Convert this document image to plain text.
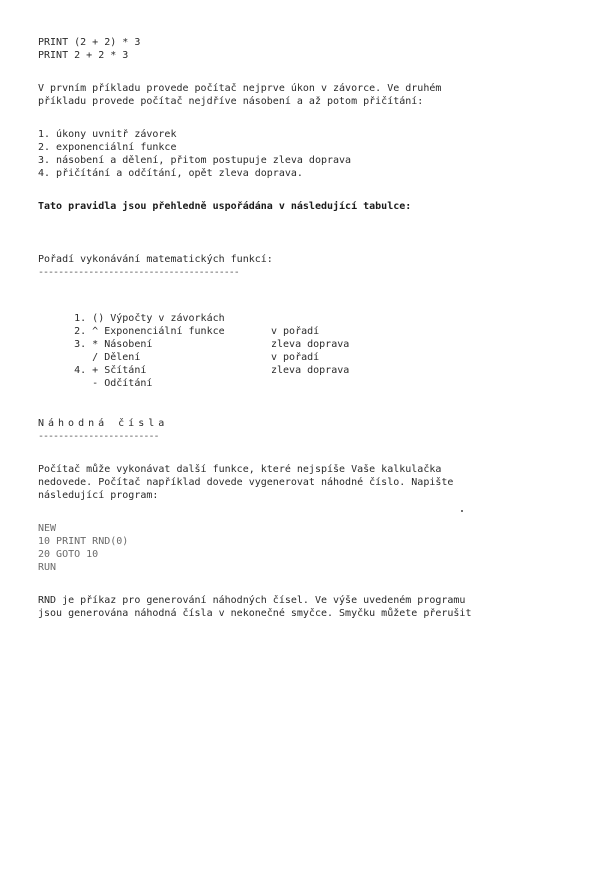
PRINT (2 + 2) * 3
PRINT 2 + 2 * 3
V prvním příkladu provede počítač nejprve úkon v závorce. Ve druhém
příkladu provede počítač nejdříve násobení a až potom přičítání:
1. úkony uvnitř závorek
2. exponenciální funkce
3. násobení a dělení, přitom postupuje zleva doprava
4. přičítání a odčítání, opět zleva doprava.
Tato pravidla jsou přehledně uspořádána v následující tabulce:
Pořadí vykonávání matematických funkcí:
----------------------------------------

1. () Výpočty v závorkách

2. ^ Exponenciální funkce

3. * Násobení

v pořadí

/ Dělení

zleva doprava

4. + Sčítání

v pořadí

- Odčítání

zleva doprava

Náhodná čísla
------------------------
Počítač může vykonávat další funkce, které nejspíše Vaše kalkulačka
nedovede. Počítač například dovede vygenerovat náhodné číslo. Napište
následující program:
NEW
10 PRINT RND(0)
20 GOTO 10
RUN
RND je příkaz pro generování náhodných čísel. Ve výše uvedeném programu
jsou generována náhodná čísla v nekonečné smyčce. Smyčku můžete přerušit
